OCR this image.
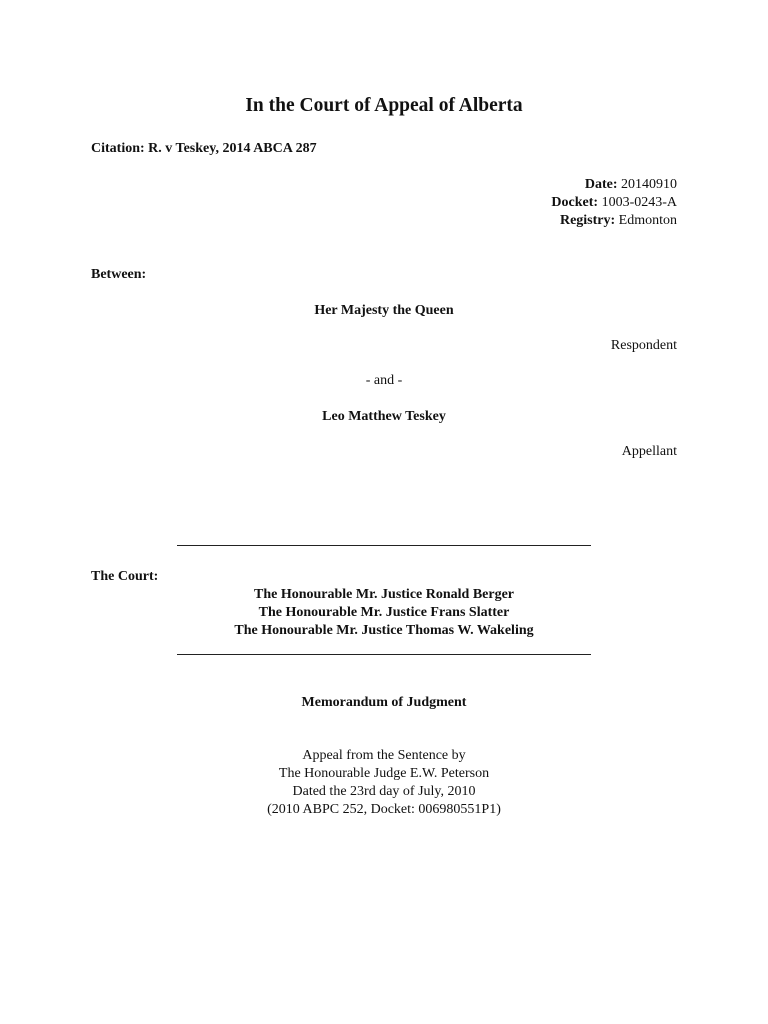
In the Court of Appeal of Alberta
Citation: R. v Teskey, 2014 ABCA 287
Date: 20140910
Docket: 1003-0243-A
Registry: Edmonton
Between:
Her Majesty the Queen
Respondent
- and -
Leo Matthew Teskey
Appellant
The Court:
The Honourable Mr. Justice Ronald Berger
The Honourable Mr. Justice Frans Slatter
The Honourable Mr. Justice Thomas W. Wakeling
Memorandum of Judgment
Appeal from the Sentence by
The Honourable Judge E.W. Peterson
Dated the 23rd day of July, 2010
(2010 ABPC 252, Docket: 006980551P1)
